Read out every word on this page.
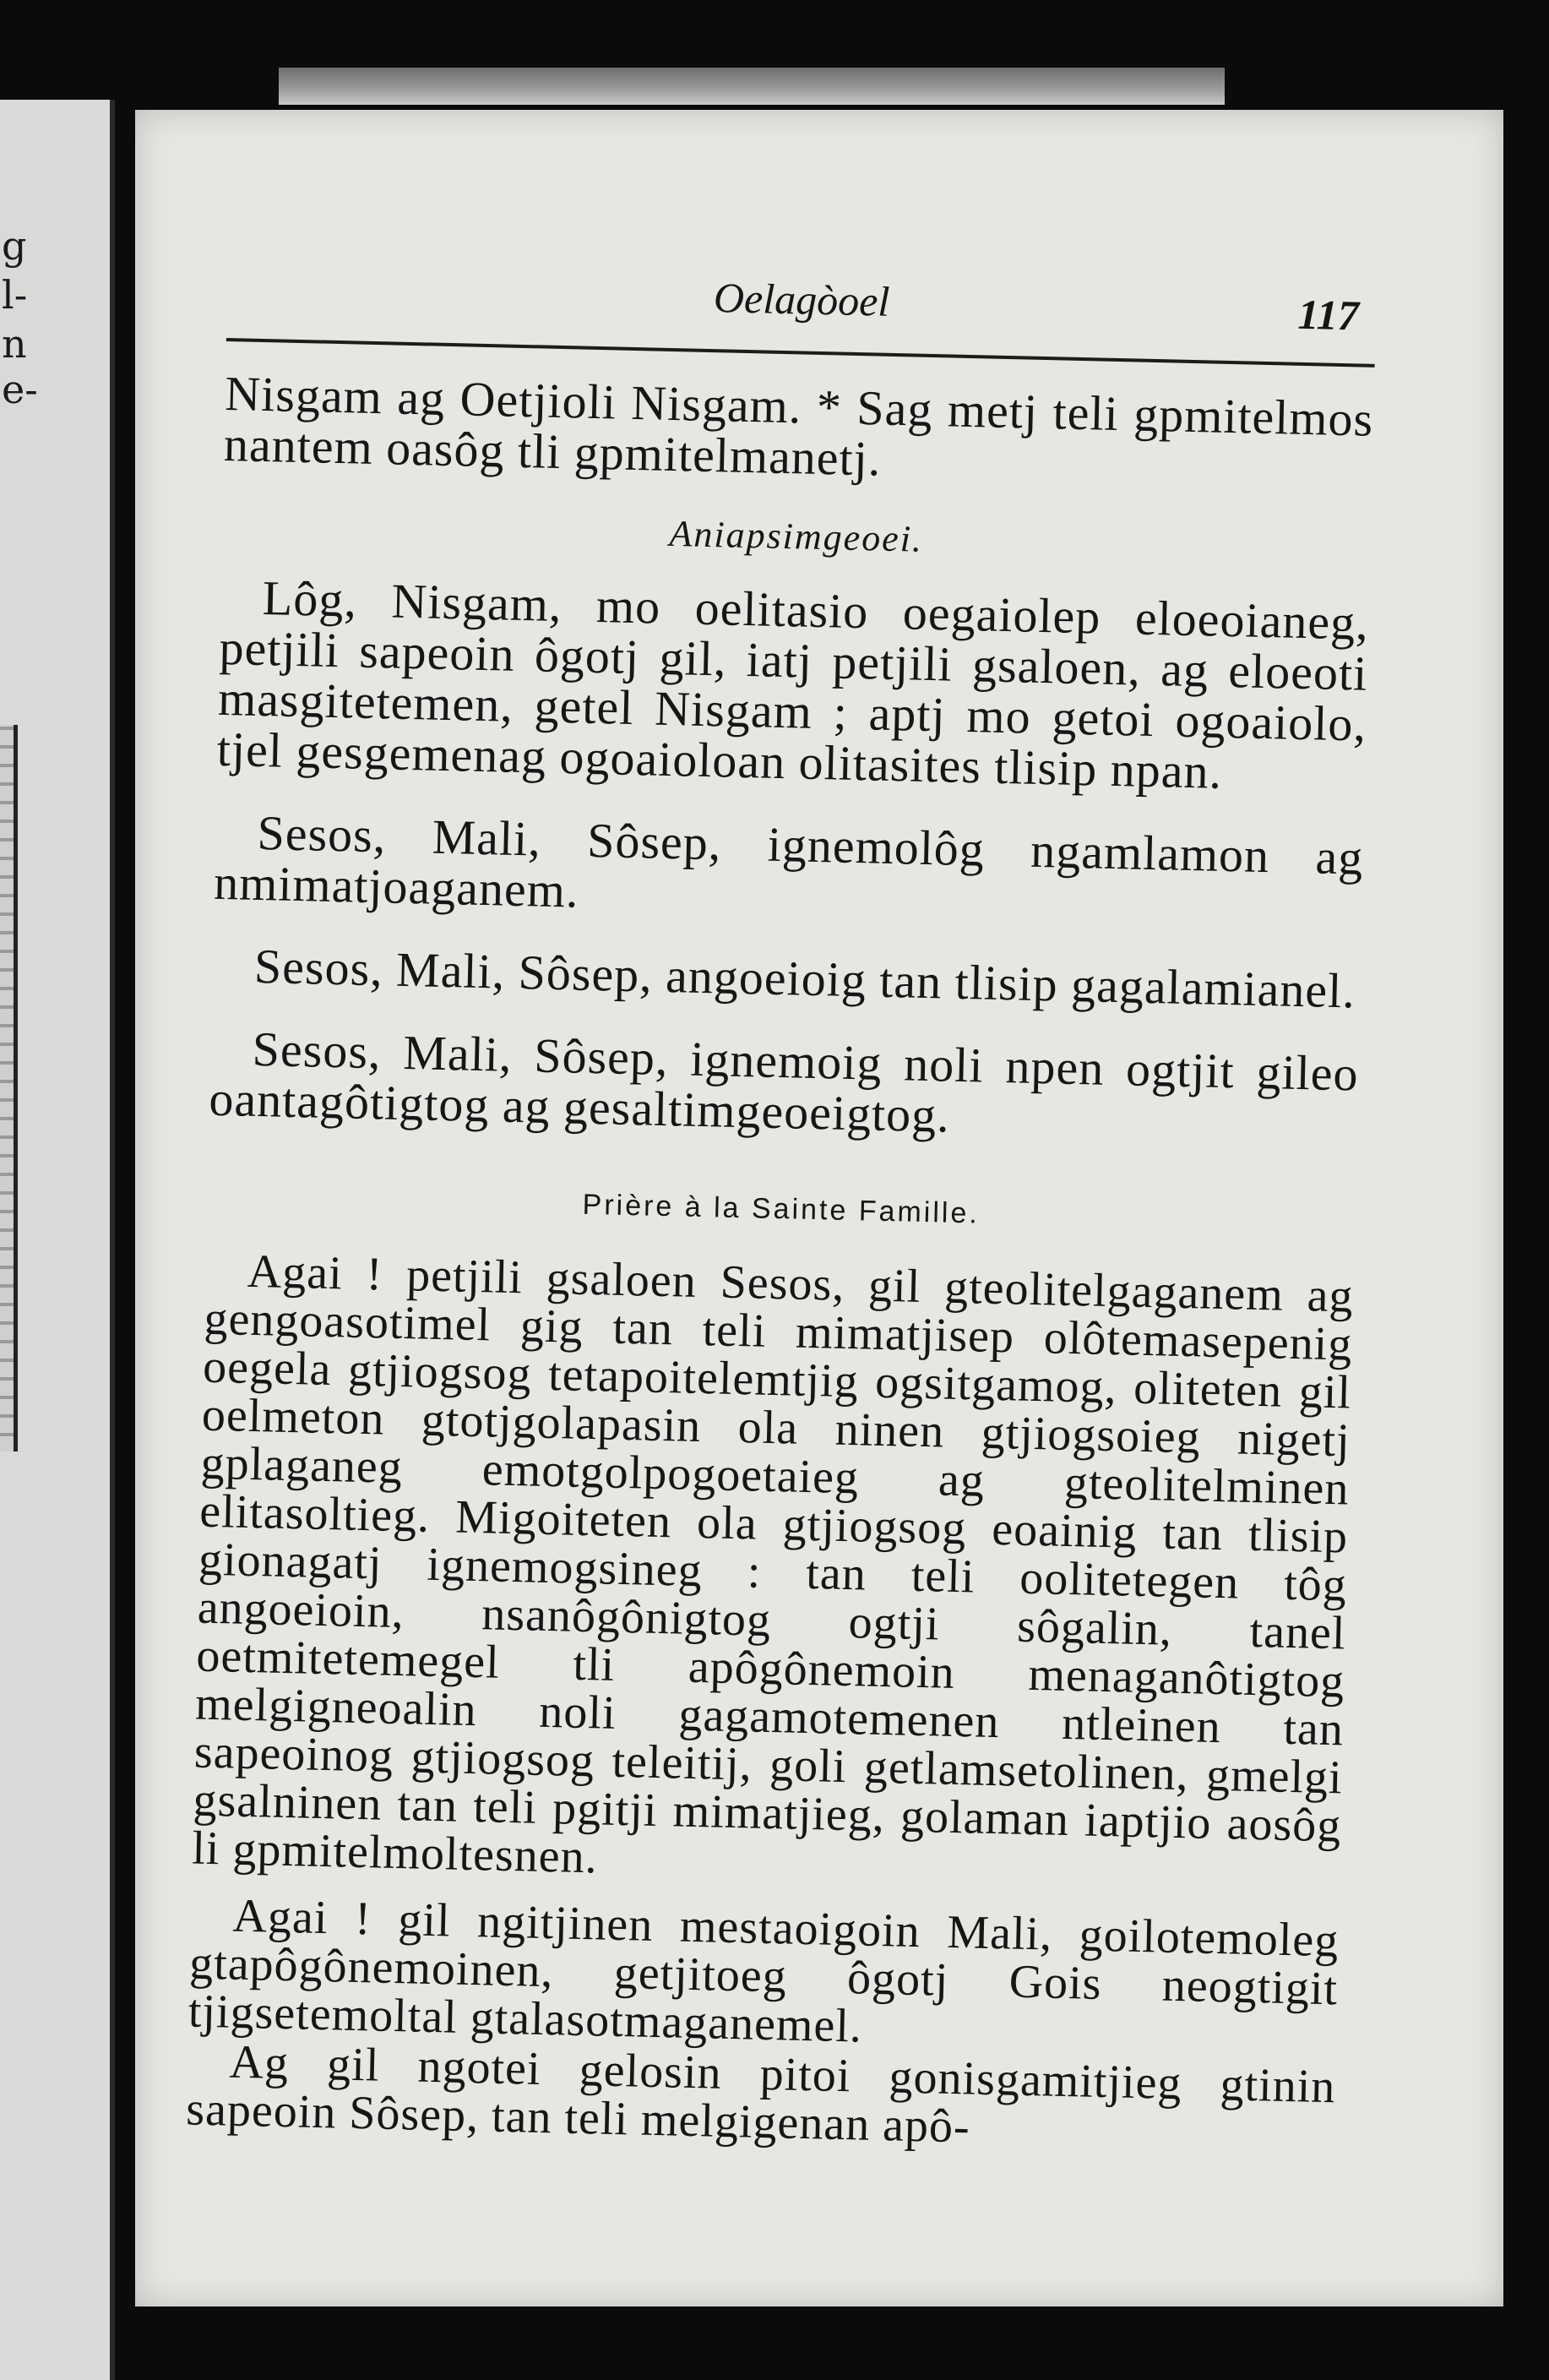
g
l-
n
e-
Oelagòoel	117

Nisgam ag Oetjioli Nisgam. * Sag metj teli gpmitelmos nantem oasôg tli gpmitelmanetj.

Aniapsimgeoei.

Lôg, Nisgam, mo oelitasio oegaiolep eloeoianeg, petjili sapeoin ôgotj gil, iatj petjili gsaloen, ag eloeoti masgitetemen, getel Nisgam ; aptj mo getoi ogoaiolo, tjel gesgemenag ogoaioloan olitasites tlisip npan.

Sesos, Mali, Sôsep, ignemolôg ngamlamon ag nmimatjoaganem.

Sesos, Mali, Sôsep, angoeioig tan tlisip gagalamianel.

Sesos, Mali, Sôsep, ignemoig noli npen ogtjit gileo oantagôtigtog ag gesaltimgeoeigtog.

Prière à la Sainte Famille.

Agai ! petjili gsaloen Sesos, gil gteolitelgaganem ag gengoasotimel gig tan teli mimatjisep olôtemasepenig oegela gtjiogsog tetapoitelemtjig ogsitgamog, oliteten gil oelmeton gtotjgolapasin ola ninen gtjiogsoieg nigetj gplaganeg emotgolpogoetaieg ag gteolitelminen elitasoltieg. Migoiteten ola gtjiogsog eoainig tan tlisip gionagatj ignemogsineg : tan teli oolitetegen tôg angoeioin, nsanôgônigtog ogtji sôgalin, tanel oetmitetemegel tli apôgônemoin menaganôtigtog melgigneoalin noli gagamotemenen ntleinen tan sapeoinog gtjiogsog teleitij, goli getlamsetolinen, gmelgi gsalninen tan teli pgitji mimatjieg, golaman iaptjio aosôg li gpmitelmoltesnen.

Agai ! gil ngitjinen mestaoigoin Mali, goilotemoleg gtapôgônemoinen, getjitoeg ôgotj Gois neogtigit tjigsetemoltal gtalasotmaganemel.

Ag gil ngotei gelosin pitoi gonisgamitjieg gtinin sapeoin Sôsep, tan teli melgigenan apô-
